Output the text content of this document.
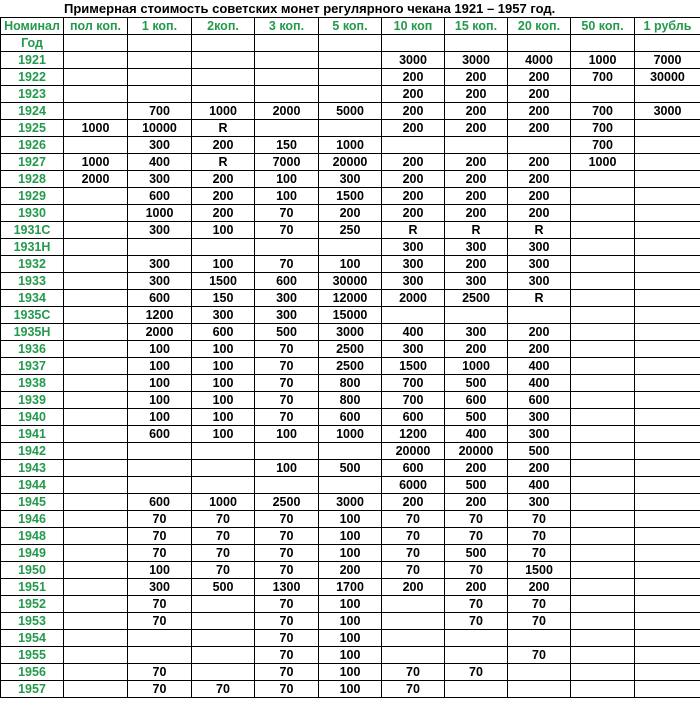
Примерная стоимость советских монет регулярного чекана 1921 – 1957 год.
Номинал	пол коп.	1 коп.	2коп.	3 коп.	5 коп.	10 коп	15 коп.	20 коп.	50 коп.	1 рубль
Год										
1921						3000	3000	4000	1000	7000
1922						200	200	200	700	30000
1923						200	200	200		
1924		700	1000	2000	5000	200	200	200	700	3000
1925	1000	10000	R			200	200	200	700	
1926		300	200	150	1000				700	
1927	1000	400	R	7000	20000	200	200	200	1000	
1928	2000	300	200	100	300	200	200	200		
1929		600	200	100	1500	200	200	200		
1930		1000	200	70	200	200	200	200		
1931С		300	100	70	250	R	R	R		
1931Н						300	300	300		
1932		300	100	70	100	300	200	300		
1933		300	1500	600	30000	300	300	300		
1934		600	150	300	12000	2000	2500	R		
1935С		1200	300	300	15000					
1935Н		2000	600	500	3000	400	300	200		
1936		100	100	70	2500	300	200	200		
1937		100	100	70	2500	1500	1000	400		
1938		100	100	70	800	700	500	400		
1939		100	100	70	800	700	600	600		
1940		100	100	70	600	600	500	300		
1941		600	100	100	1000	1200	400	300		
1942						20000	20000	500		
1943				100	500	600	200	200		
1944						6000	500	400		
1945		600	1000	2500	3000	200	200	300		
1946		70	70	70	100	70	70	70		
1948		70	70	70	100	70	70	70		
1949		70	70	70	100	70	500	70		
1950		100	70	70	200	70	70	1500		
1951		300	500	1300	1700	200	200	200		
1952		70		70	100		70	70		
1953		70		70	100		70	70		
1954				70	100					
1955				70	100			70		
1956		70		70	100	70	70			
1957		70	70	70	100	70				
